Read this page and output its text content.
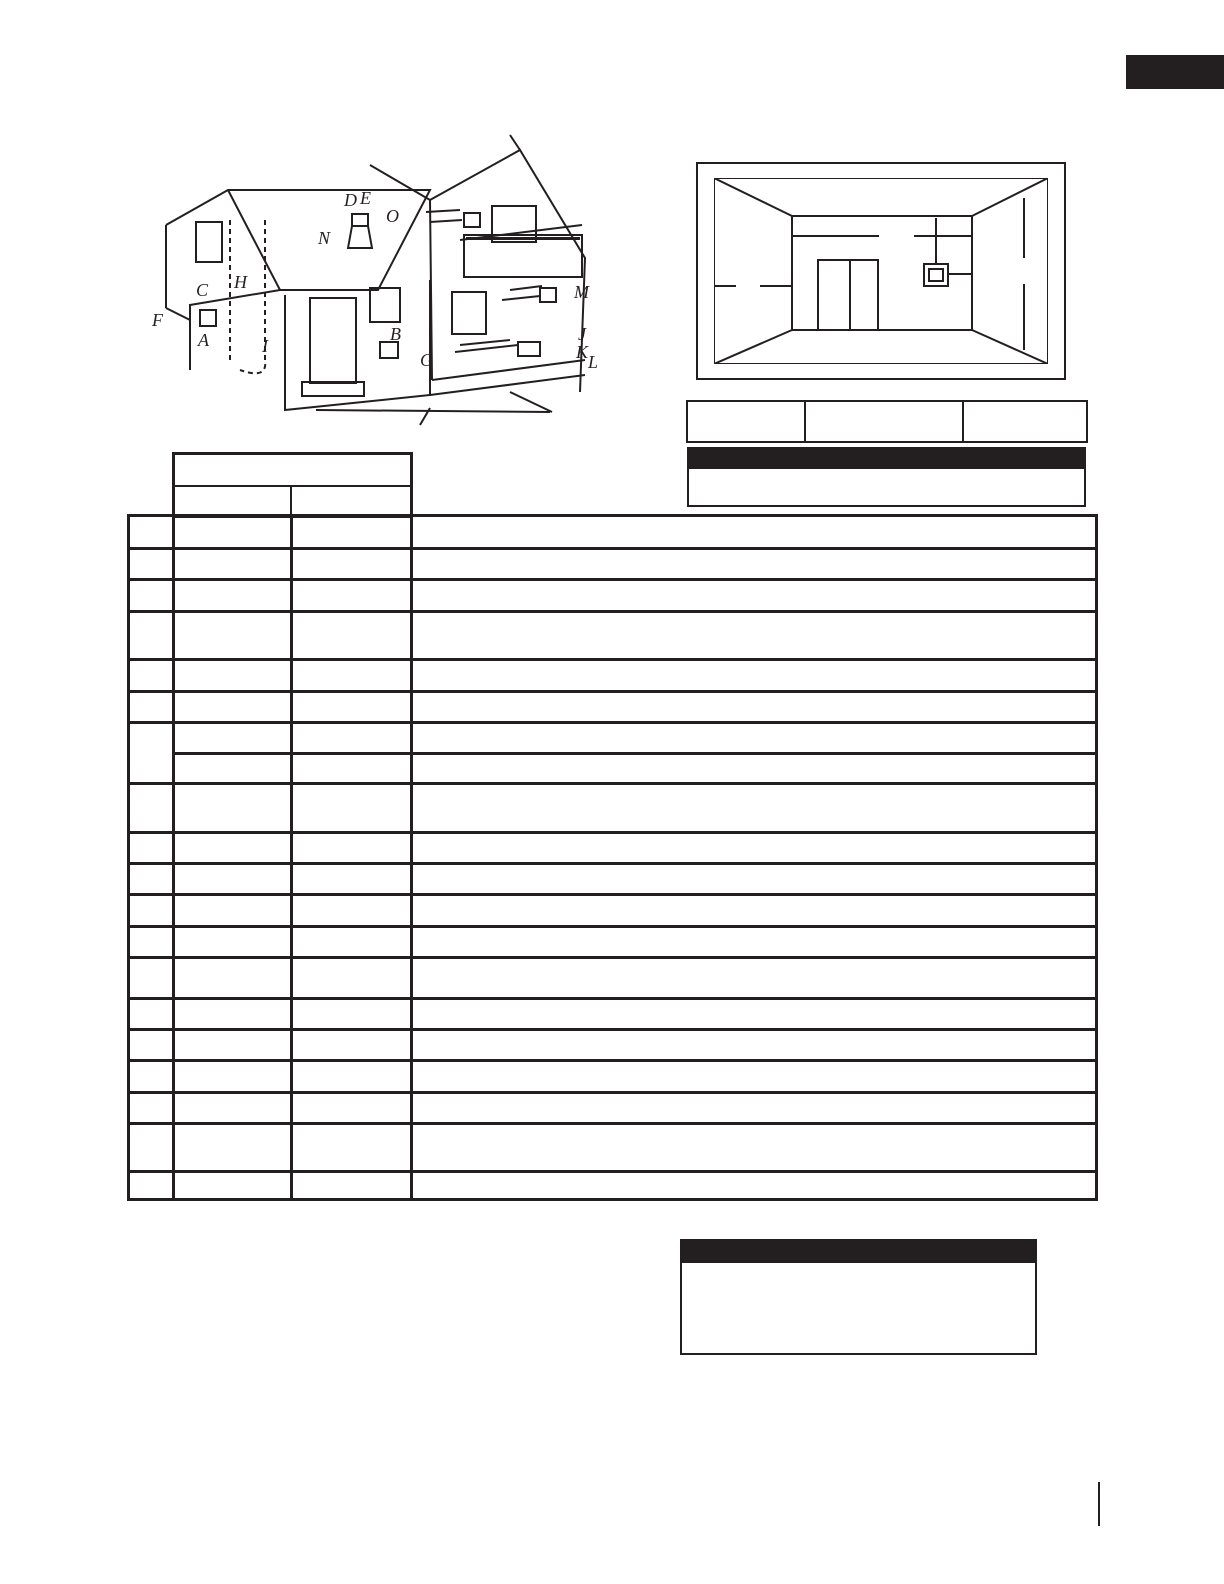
A	B
C
D E
F
G
H
I
J
K L
M
N
O
